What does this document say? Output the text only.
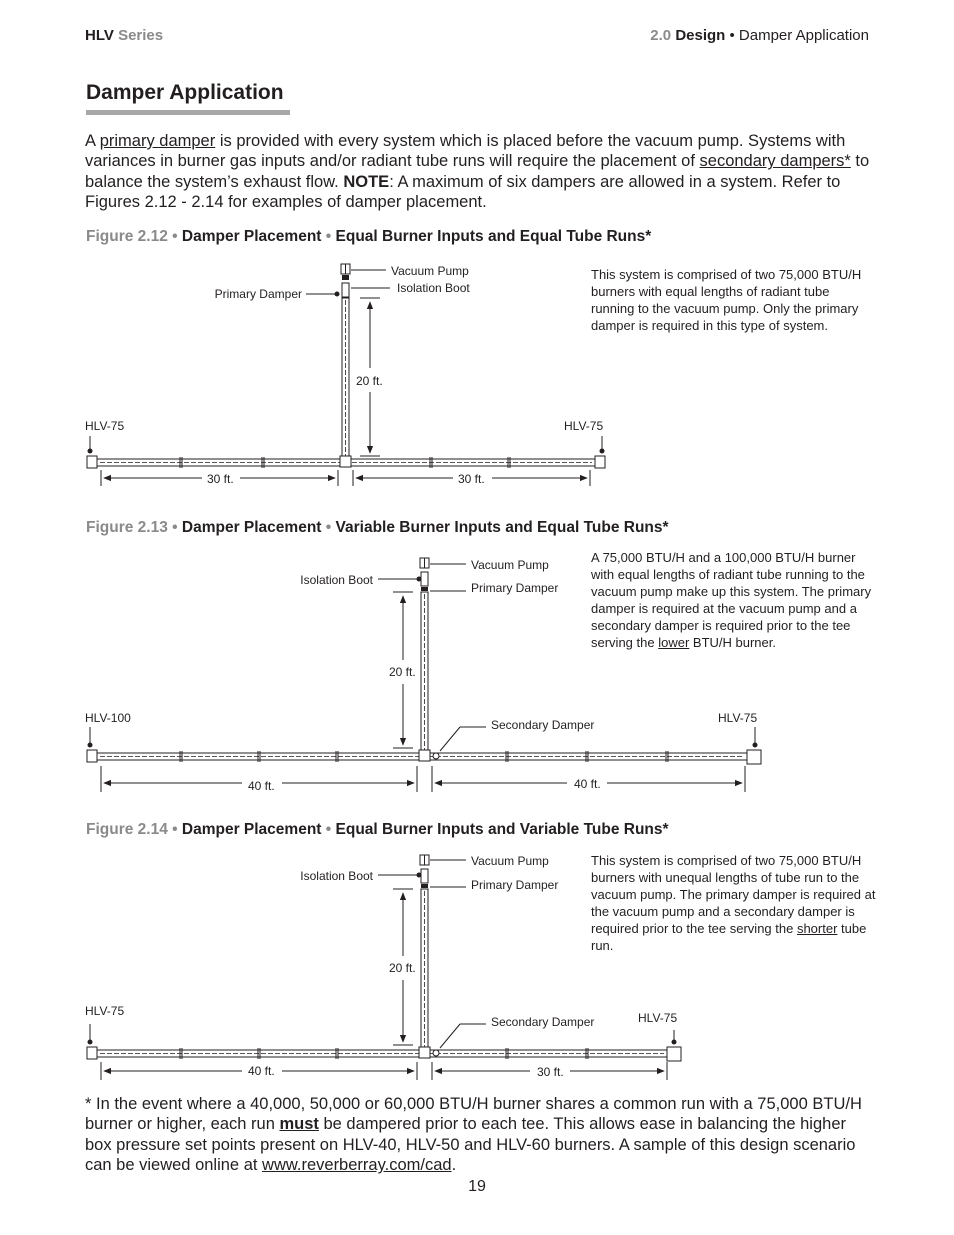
HLV Series	2.0 Design • Damper Application
Damper Application
A primary damper is provided with every system which is placed before the vacuum pump. Systems with variances in burner gas inputs and/or radiant tube runs will require the placement of secondary dampers* to balance the system’s exhaust flow. NOTE: A maximum of six dampers are allowed in a system. Refer to Figures 2.12 - 2.14 for examples of damper placement.
Figure 2.12 • Damper Placement • Equal Burner Inputs and Equal Tube Runs*
This system is comprised of two 75,000 BTU/H burners with equal lengths of radiant tube running to the vacuum pump. Only the primary damper is required in this type of system.
Vacuum Pump
Isolation Boot
Primary Damper
20 ft.
HLV-75	HLV-75
30 ft.	30 ft.
Vacuum Pump
Primary Damper
Isolation Boot
Secondary Damper
20 ft.
HLV-100	HLV-75
40 ft.	40 ft.
Vacuum Pump
Primary Damper
Isolation Boot
Secondary Damper
20 ft.
HLV-75	HLV-75
40 ft.	30 ft.
Figure 2.13 • Damper Placement • Variable Burner Inputs and Equal Tube Runs*
A 75,000 BTU/H and a 100,000 BTU/H burner with equal lengths of radiant tube running to the vacuum pump make up this system. The primary damper is required at the vacuum pump and a secondary damper is required prior to the tee serving the lower BTU/H burner.
Figure 2.14 • Damper Placement • Equal Burner Inputs and Variable Tube Runs*
This system is comprised of two 75,000 BTU/H burners with unequal lengths of tube run to the vacuum pump. The primary damper is required at the vacuum pump and a secondary damper is required prior to the tee serving the shorter tube run.
* In the event where a 40,000, 50,000 or 60,000 BTU/H burner shares a common run with a 75,000 BTU/H burner or higher, each run must be dampered prior to each tee. This allows ease in balancing the higher box pressure set points present on HLV-40, HLV-50 and HLV-60 burners. A sample of this design scenario can be viewed online at www.reverberray.com/cad.
19
